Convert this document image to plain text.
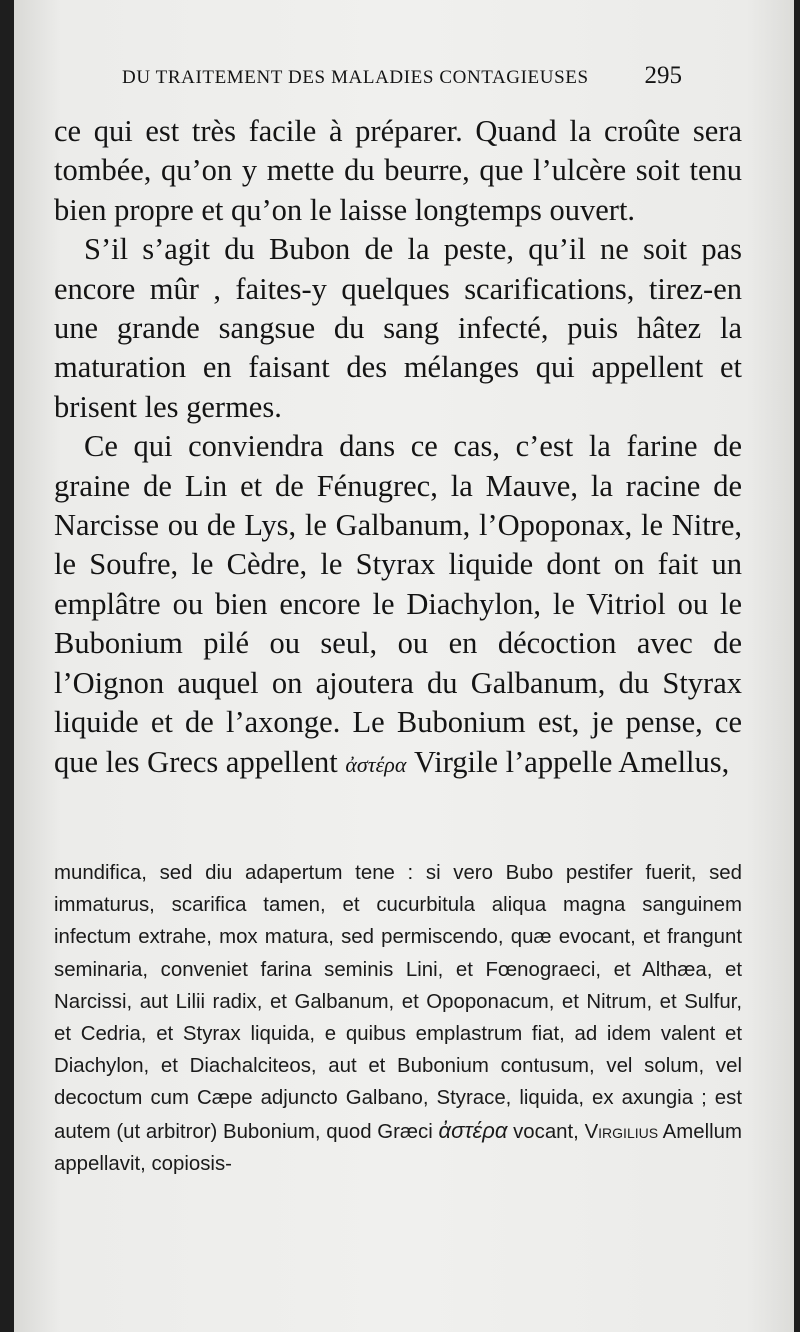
DU TRAITEMENT DES MALADIES CONTAGIEUSES 295

ce qui est très facile à préparer. Quand la croûte sera tombée, qu’on y mette du beurre, que l’ulcère soit tenu bien propre et qu’on le laisse longtemps ouvert.

S’il s’agit du Bubon de la peste, qu’il ne soit pas encore mûr , faites-y quelques scarifications, tirez-en une grande sangsue du sang infecté, puis hâtez la maturation en faisant des mélanges qui appellent et brisent les germes.

Ce qui conviendra dans ce cas, c’est la farine de graine de Lin et de Fénugrec, la Mauve, la racine de Narcisse ou de Lys, le Galbanum, l’Opoponax, le Nitre, le Soufre, le Cèdre, le Styrax liquide dont on fait un emplâtre ou bien encore le Diachylon, le Vitriol ou le Bubonium pilé ou seul, ou en décoction avec de l’Oignon auquel on ajoutera du Galbanum, du Styrax liquide et de l’axonge. Le Bubonium est, je pense, ce que les Grecs appellent ἀστέρα Virgile l’appelle Amellus,

mundifica, sed diu adapertum tene : si vero Bubo pestifer fuerit, sed immaturus, scarifica tamen, et cucurbitula aliqua magna sanguinem infectum extrahe, mox matura, sed permiscendo, quæ evocant, et frangunt seminaria, conveniet farina seminis Lini, et Fœnograeci, et Althæa, et Narcissi, aut Lilii radix, et Galbanum, et Opoponacum, et Nitrum, et Sulfur, et Cedria, et Styrax liquida, e quibus emplastrum fiat, ad idem valent et Diachylon, et Diachalciteos, aut et Bubonium contusum, vel solum, vel decoctum cum Cæpe adjuncto Galbano, Styrace, liquida, ex axungia ; est autem (ut arbitror) Bubonium, quod Græci ἀστέρα vocant, Virgilius Amellum appellavit, copiosis-
